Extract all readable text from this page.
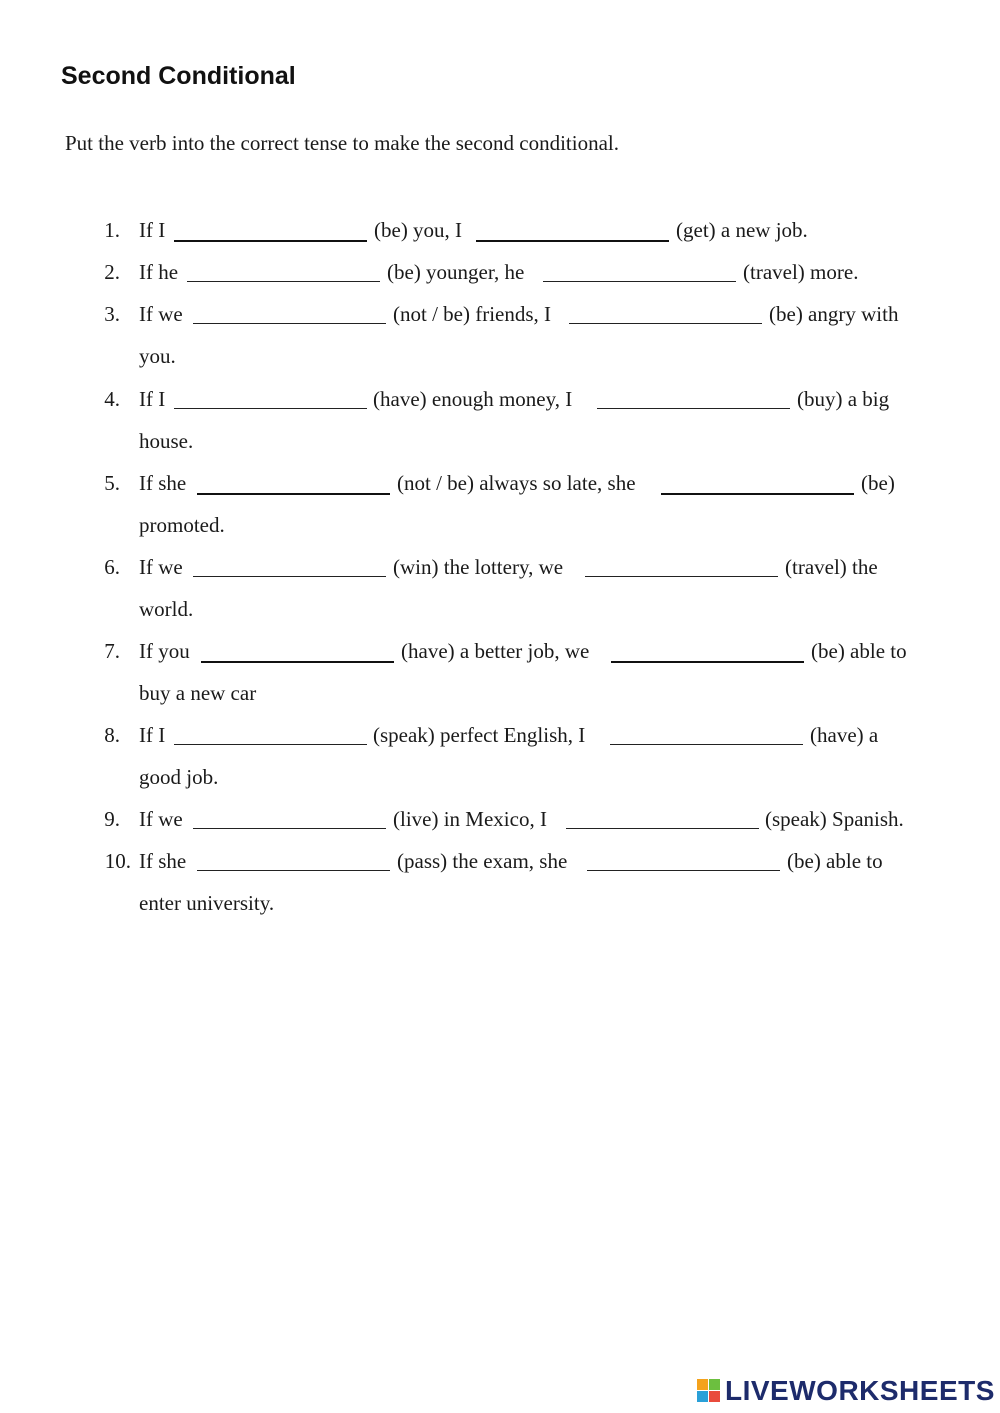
Second Conditional
Put the verb into the correct tense to make the second conditional.
1. If I	(be) you, I	(get) a new job.
2. If he	(be) younger, he	(travel) more.
3. If we	(not / be) friends, I	(be) angry with
you.
4. If I	(have) enough money, I	(buy) a big
house.
5. If she	(not / be) always so late, she	(be)
promoted.
6. If we	(win) the lottery, we	(travel) the
world.
7. If you	(have) a better job, we	(be) able to
buy a new car
8. If I	(speak) perfect English, I	(have) a
good job.
9. If we	(live) in Mexico, I	(speak) Spanish.
10. If she	(pass) the exam, she	(be) able to
enter university.
LIVEWORKSHEETS
